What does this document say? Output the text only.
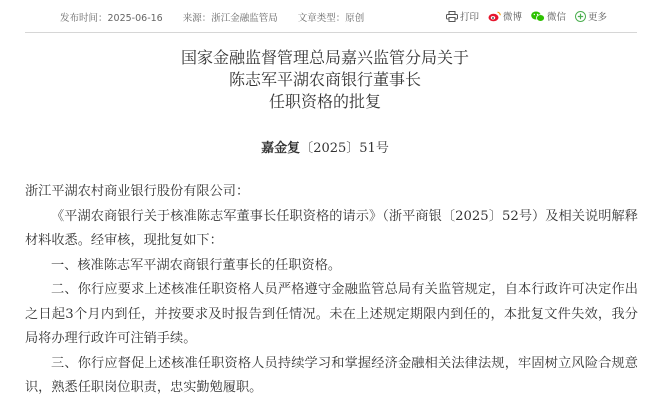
发布时间：2025-06-16 来源：浙江金融监管局 文章类型：原创	打印	微博	微信 更多
国家金融监督管理总局嘉兴监管分局关于
陈志军平湖农商银行董事长
任职资格的批复
嘉金复〔2025〕51号

浙江平湖农村商业银行股份有限公司：

《平湖农商银行关于核准陈志军董事长任职资格的请示》（浙平商银〔2025〕52号）及相关说明解释材料收悉。经审核，现批复如下：

一、核准陈志军平湖农商银行董事长的任职资格。

二、你行应要求上述核准任职资格人员严格遵守金融监管总局有关监管规定，自本行政许可决定作出之日起3个月内到任，并按要求及时报告到任情况。未在上述规定期限内到任的，本批复文件失效，我分局将办理行政许可注销手续。

三、你行应督促上述核准任职资格人员持续学习和掌握经济金融相关法律法规，牢固树立风险合规意识，熟悉任职岗位职责，忠实勤勉履职。
